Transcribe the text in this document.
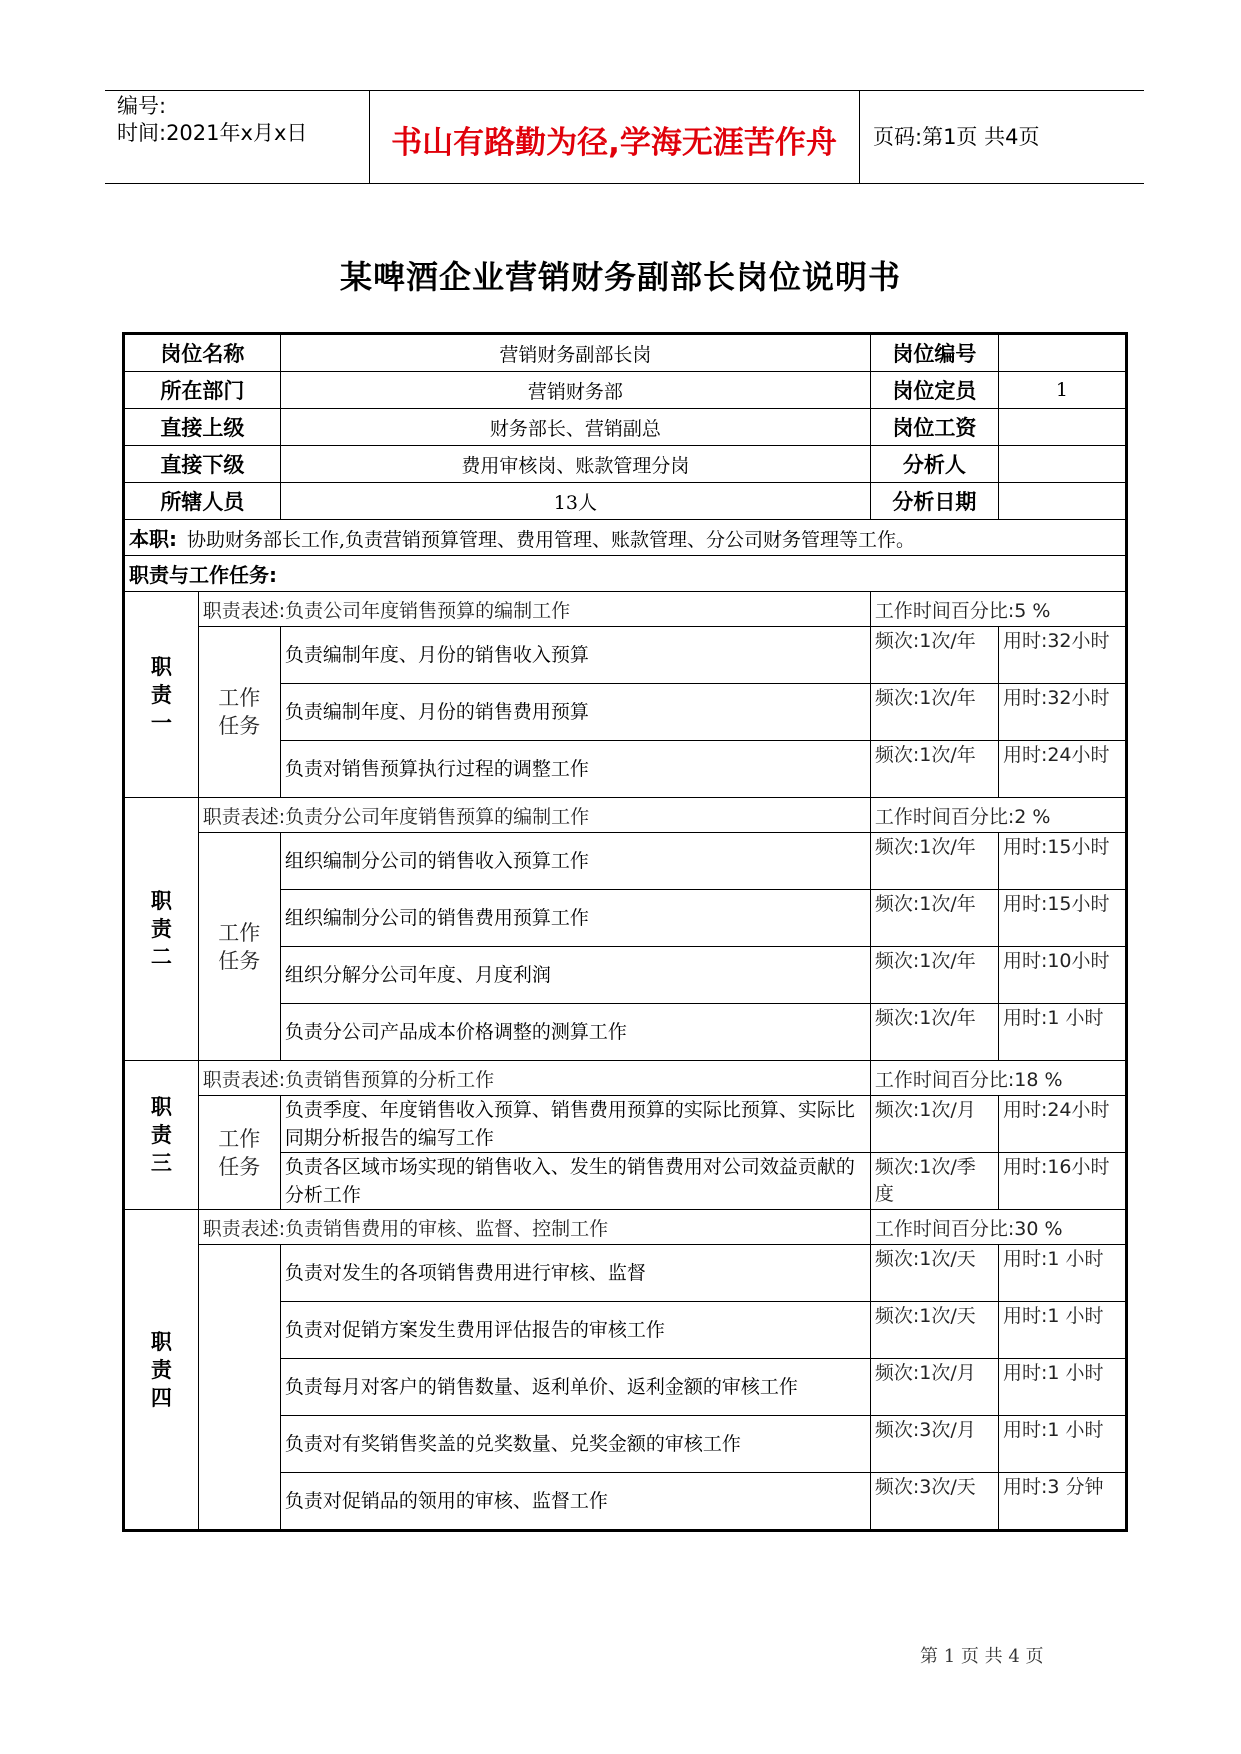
编号:
时间:2021年x月x日	书山有路勤为径,学海无涯苦作舟	页码:第1页 共4页
某啤酒企业营销财务副部长岗位说明书
岗位名称		营销财务副部长岗	岗位编号	
所在部门		营销财务部	岗位定员	1
直接上级		财务部长、营销副总	岗位工资	
直接下级		费用审核岗、账款管理分岗	分析人	
所辖人员		13人	分析日期	
本职: 协助财务部长工作,负责营销预算管理、费用管理、账款管理、分公司财务管理等工作。				
职责与工作任务:				

职
责
一	职责表述:负责公司年度销售预算的编制工作		工作时间百分比:5 %	

	工作
任务	负责编制年度、月份的销售收入预算	频次:1次/年	用时:32小时
		负责编制年度、月份的销售费用预算	频次:1次/年	用时:32小时
		负责对销售预算执行过程的调整工作	频次:1次/年	用时:24小时

职
责
二	职责表述:负责分公司年度销售预算的编制工作		工作时间百分比:2 %	

	工作
任务	组织编制分公司的销售收入预算工作	频次:1次/年	用时:15小时
		组织编制分公司的销售费用预算工作	频次:1次/年	用时:15小时
		组织分解分公司年度、月度利润	频次:1次/年	用时:10小时
		负责分公司产品成本价格调整的测算工作	频次:1次/年	用时:1 小时

职
责
三	职责表述:负责销售预算的分析工作		工作时间百分比:18 %	

	工作
任务	负责季度、年度销售收入预算、销售费用预算的实际比预算、实际比同期分析报告的编写工作	频次:1次/月	用时:24小时
		负责各区域市场实现的销售收入、发生的销售费用对公司效益贡献的分析工作	频次:1次/季度	用时:16小时

职
责
四	职责表述:负责销售费用的审核、监督、控制工作		工作时间百分比:30 %	
		负责对发生的各项销售费用进行审核、监督	频次:1次/天	用时:1 小时
		负责对促销方案发生费用评估报告的审核工作	频次:1次/天	用时:1 小时
		负责每月对客户的销售数量、返利单价、返利金额的审核工作	频次:1次/月	用时:1 小时
		负责对有奖销售奖盖的兑奖数量、兑奖金额的审核工作	频次:3次/月	用时:1 小时
		负责对促销品的领用的审核、监督工作	频次:3次/天	用时:3 分钟
第 1 页 共 4 页
